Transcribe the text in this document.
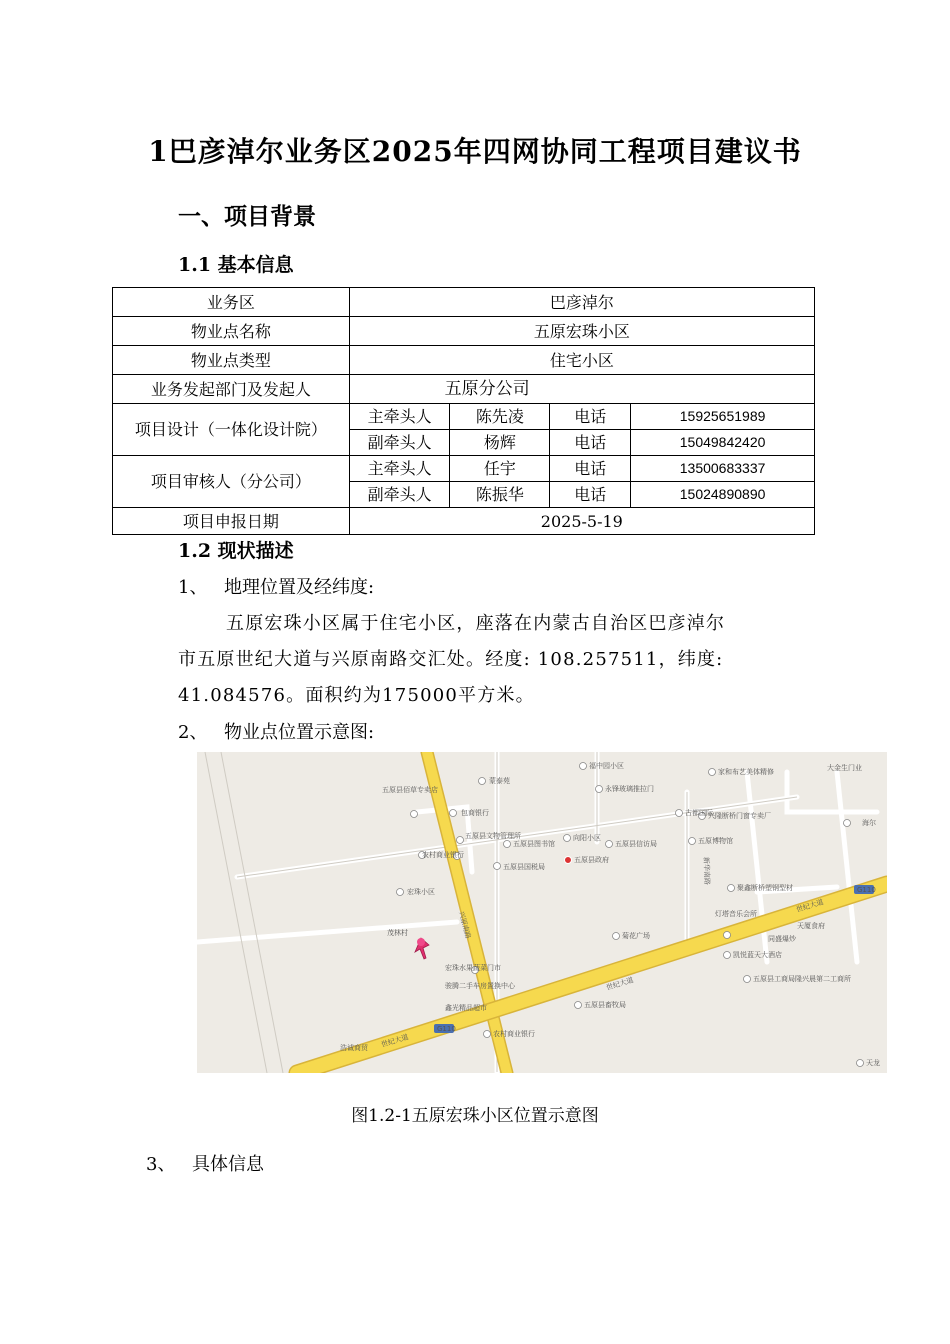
1巴彦淖尔业务区2025年四网协同工程项目建议书
一、项目背景
1.1 基本信息
业务区	巴彦淖尔			
物业点名称	五原宏珠小区			
物业点类型	住宅小区			
业务发起部门及发起人	五原分公司			
项目设计（一体化设计院）	主牵头人	陈先凌	电话	15925651989
	副牵头人	杨辉	电话	15049842420
项目审核人（分公司）	主牵头人	任宇	电话	13500683337
	副牵头人	陈振华	电话	15024890890
项目申报日期	2025-5-19			
1.2 现状描述
1、 地理位置及经纬度:
五原宏珠小区属于住宅小区，座落在内蒙古自治区巴彦淖尔
市五原世纪大道与兴原南路交汇处。经度: 108.257511，纬度:
41.084576。面积约为175000平方米。
2、 物业点位置示意图:
世纪大道
世纪大道
世纪大道
兴原南路
新华南路
G110
G110
五原县佰草专卖店
农村商业银行
宏珠小区
茂林村
宏珠水果蔬菜门市
骏腾二手车房置换中心
鑫光精品超市
农村商业银行
浩诚商贸
包商银行
五原县文物管理所
五原县图书馆
五原县国税局
五原县政府
五原县信访局
向阳小区
福中园小区
永锋玻璃推拉门
蒙泰苑
古都国际
家和布艺美体精修
兴隆断桥门窗专卖厂
五原博物馆
聚鑫断桥塑钢型材
灯塔音乐会所
菊花广场
天厦食府
同盛爆炒
凯悦蓝天大酒店
五原县工商局隆兴晨第二工商所
五原县畜牧局
大金生门业
海尔
天龙
图1.2-1五原宏珠小区位置示意图
3、 具体信息
